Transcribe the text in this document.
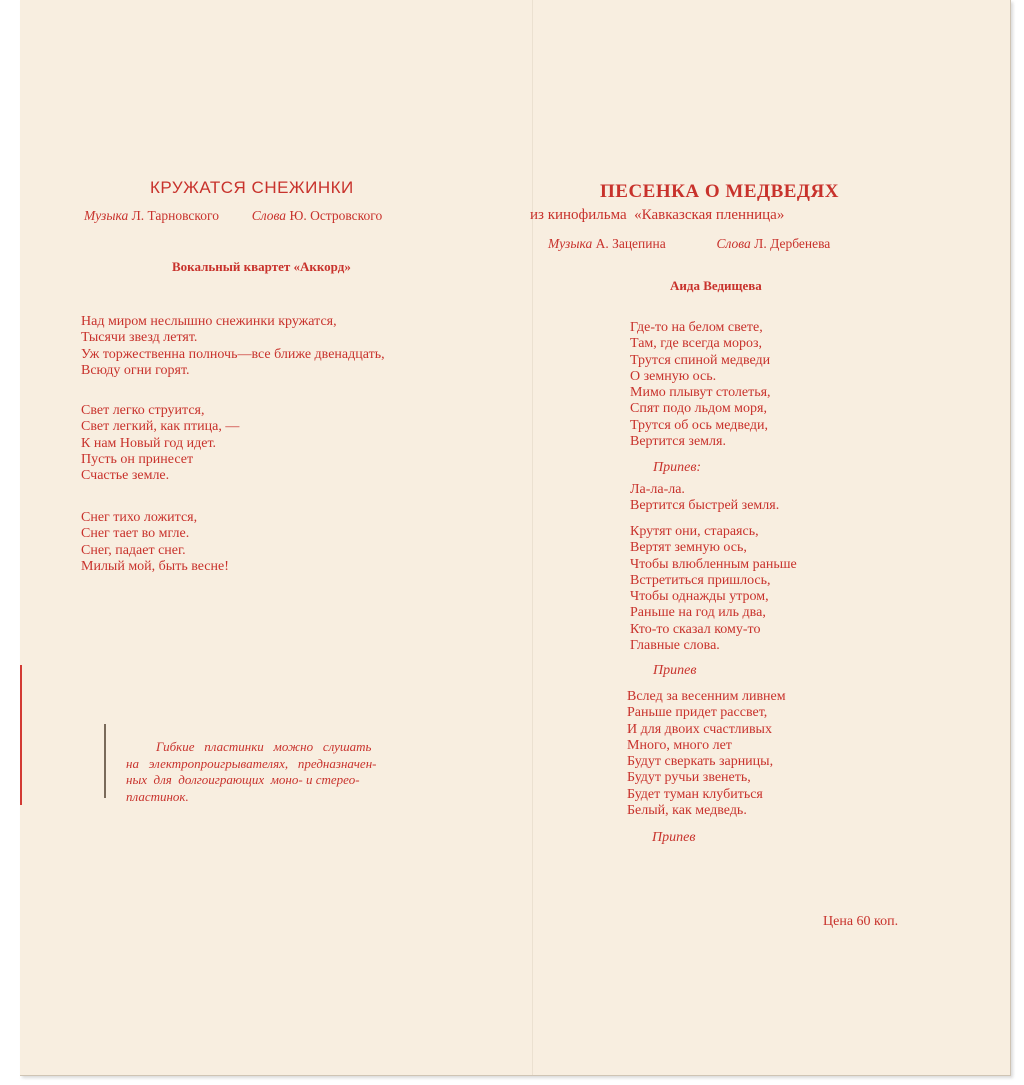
КРУЖАТСЯ СНЕЖИНКИ
Музыка Л. Тарновского Слова Ю. Островского
Вокальный квартет «Аккорд»
Над миром неслышно снежинки кружатся,
Тысячи звезд летят.
Уж торжественна полночь—все ближе двенадцать,
Всюду огни горят.
Свет легко струится,
Свет легкий, как птица, —
К нам Новый год идет.
Пусть он принесет
Счастье земле.
Снег тихо ложится,
Снег тает во мгле.
Снег, падает снег.
Милый мой, быть весне!
Гибкие   пластинки   можно   слушать
на   электропроигрывателях,   предназначен-
ных  для  долгоиграющих  моно- и стерео-
пластинок.
ПЕСЕНКА О МЕДВЕДЯХ
из кинофильма  «Кавказская пленница»
Музыка А. Зацепина	Слова Л. Дербенева
Аида Ведищева
Где-то на белом свете,
Там, где всегда мороз,
Трутся спиной медведи
О земную ось.
Мимо плывут столетья,
Спят подо льдом моря,
Трутся об ось медведи,
Вертится земля.
Припев:
Ла-ла-ла.
Вертится быстрей земля.
Крутят они, стараясь,
Вертят земную ось,
Чтобы влюбленным раньше
Встретиться пришлось,
Чтобы однажды утром,
Раньше на год иль два,
Кто-то сказал кому-то
Главные слова.
Припев
Вслед за весенним ливнем
Раньше придет рассвет,
И для двоих счастливых
Много, много лет
Будут сверкать зарницы,
Будут ручьи звенеть,
Будет туман клубиться
Белый, как медведь.
Припев
Цена 60 коп.
